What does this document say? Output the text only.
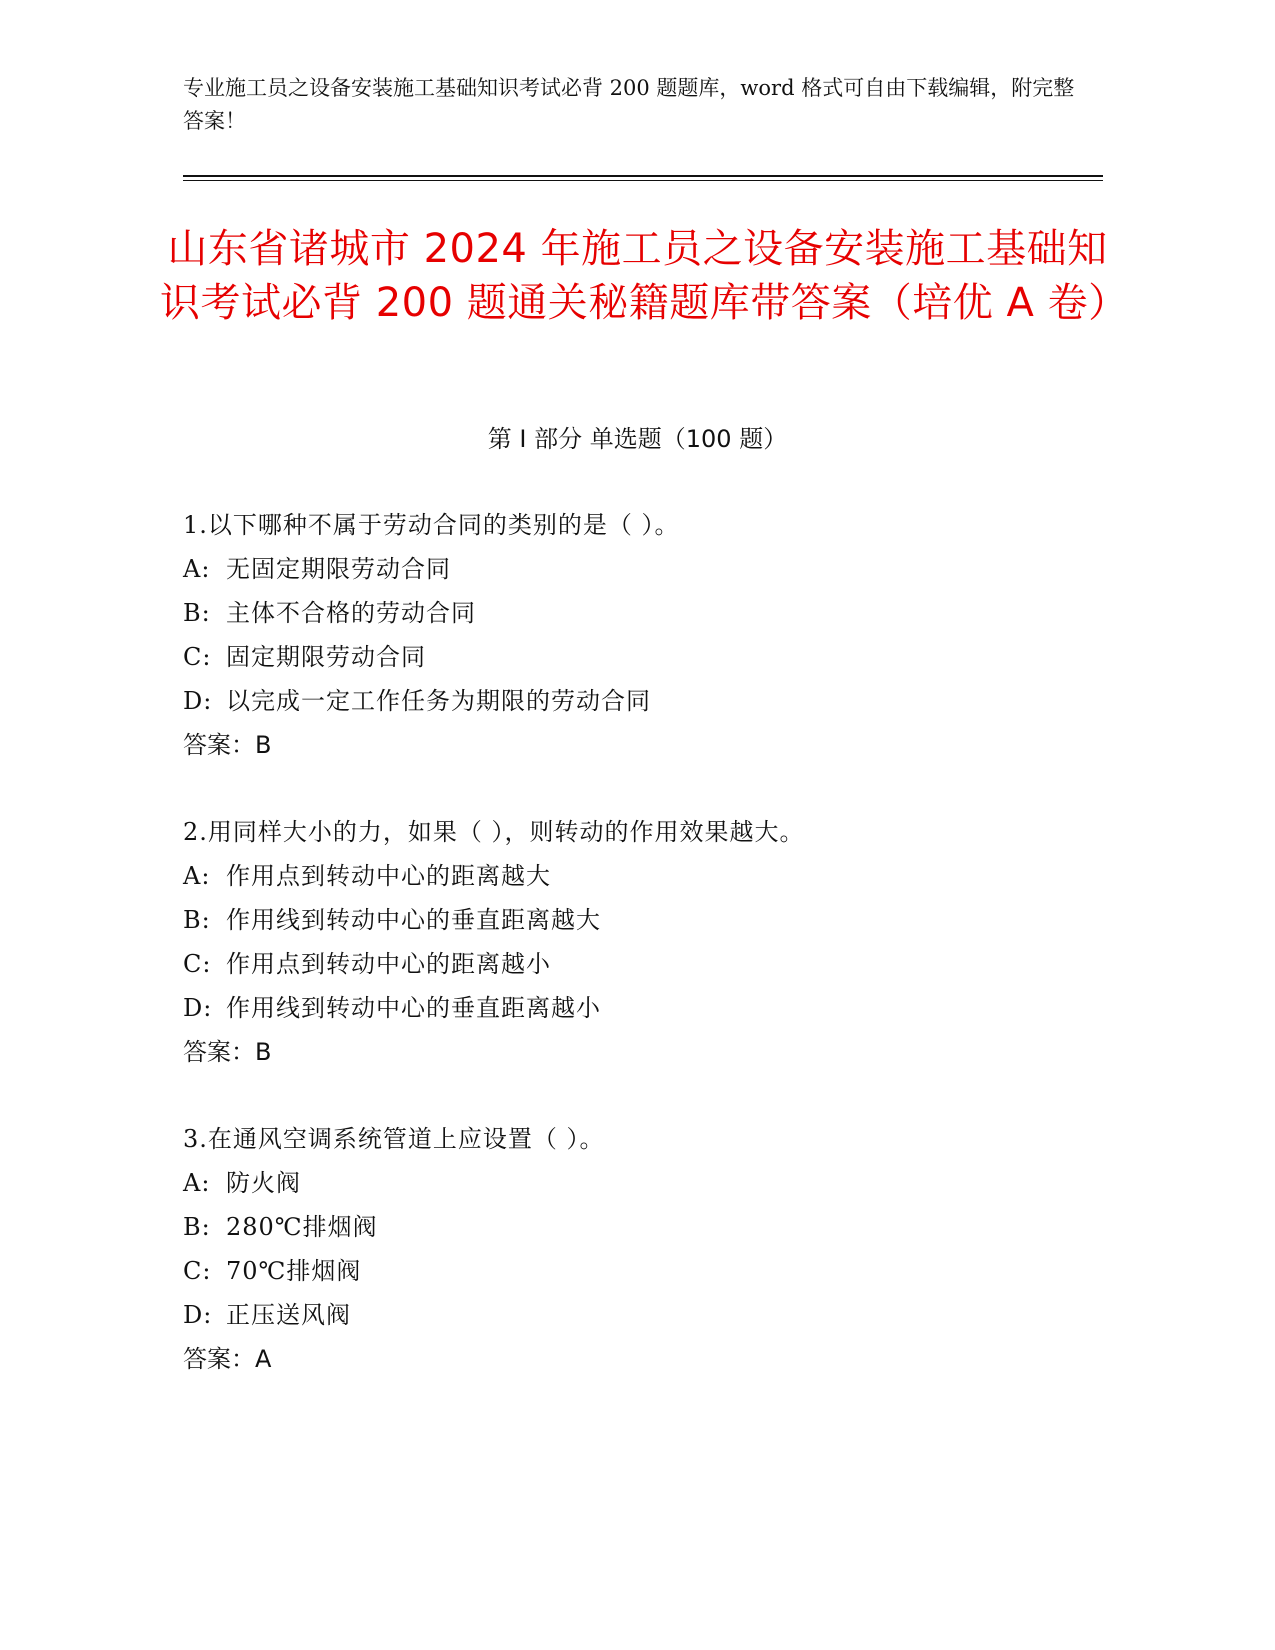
专业施工员之设备安装施工基础知识考试必背 200 题题库，word 格式可自由下载编辑，附完整答案！

山东省诸城市 2024 年施工员之设备安装施工基础知识考试必背 200 题通关秘籍题库带答案（培优 A 卷）
第 I 部分 单选题（100 题）
1.以下哪种不属于劳动合同的类别的是（ ）。
A: 无固定期限劳动合同
B: 主体不合格的劳动合同
C: 固定期限劳动合同
D: 以完成一定工作任务为期限的劳动合同
答案：B
2.用同样大小的力，如果（ ），则转动的作用效果越大。
A: 作用点到转动中心的距离越大
B: 作用线到转动中心的垂直距离越大
C: 作用点到转动中心的距离越小
D: 作用线到转动中心的垂直距离越小
答案：B
3.在通风空调系统管道上应设置（ ）。
A: 防火阀
B: 280℃排烟阀
C: 70℃排烟阀
D: 正压送风阀
答案：A
